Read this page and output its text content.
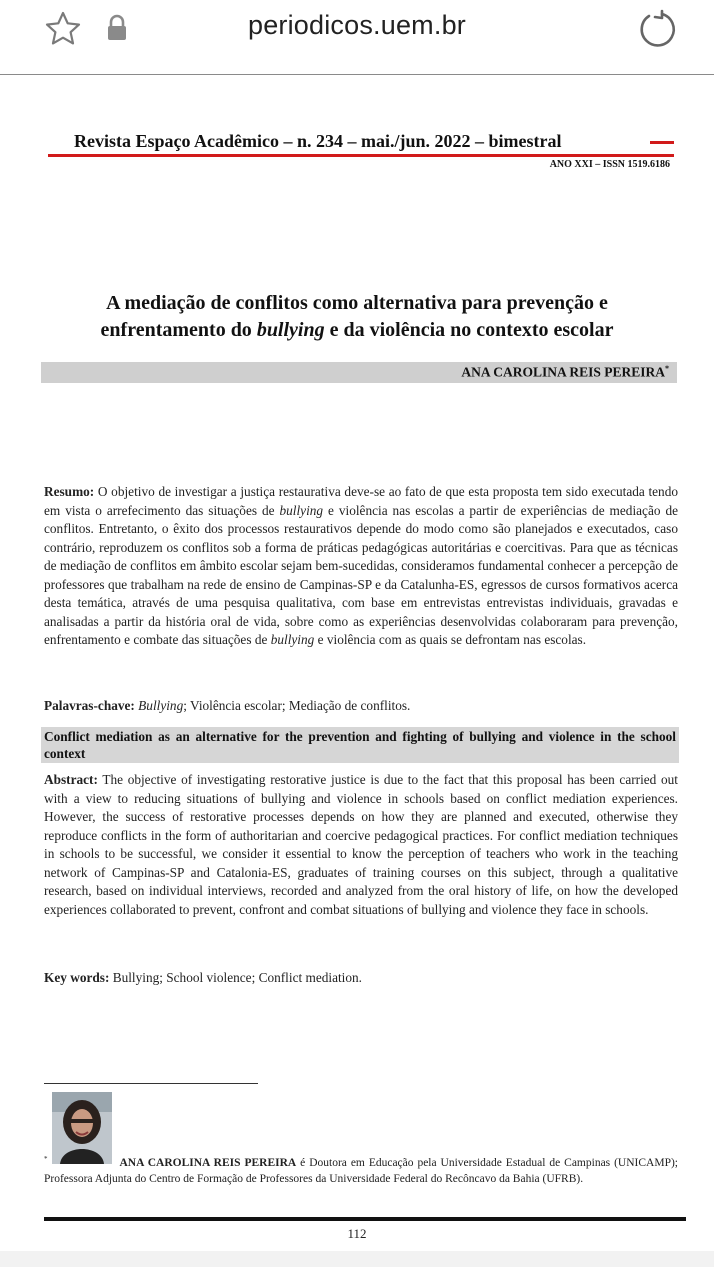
periodicos.uem.br
Revista Espaço Acadêmico – n. 234 – mai./jun. 2022 – bimestral
ANO XXI – ISSN 1519.6186
A mediação de conflitos como alternativa para prevenção e
enfrentamento do bullying e da violência no contexto escolar
ANA CAROLINA REIS PEREIRA*
Resumo: O objetivo de investigar a justiça restaurativa deve-se ao fato de que esta proposta tem sido executada tendo em vista o arrefecimento das situações de bullying e violência nas escolas a partir de experiências de mediação de conflitos. Entretanto, o êxito dos processos restaurativos depende do modo como são planejados e executados, caso contrário, reproduzem os conflitos sob a forma de práticas pedagógicas autoritárias e coercitivas. Para que as técnicas de mediação de conflitos em âmbito escolar sejam bem-sucedidas, consideramos fundamental conhecer a percepção de professores que trabalham na rede de ensino de Campinas-SP e da Catalunha-ES, egressos de cursos formativos acerca desta temática, através de uma pesquisa qualitativa, com base em entrevistas entrevistas individuais, gravadas e analisadas a partir da história oral de vida, sobre como as experiências desenvolvidas colaboraram para prevenção, enfrentamento e combate das situações de bullying e violência com as quais se defrontam nas escolas.
Palavras-chave: Bullying; Violência escolar; Mediação de conflitos.
Conflict mediation as an alternative for the prevention and fighting of bullying and violence in the school context
Abstract: The objective of investigating restorative justice is due to the fact that this proposal has been carried out with a view to reducing situations of bullying and violence in schools based on conflict mediation experiences. However, the success of restorative processes depends on how they are planned and executed, otherwise they reproduce conflicts in the form of authoritarian and coercive pedagogical practices. For conflict mediation techniques in schools to be successful, we consider it essential to know the perception of teachers who work in the teaching network of Campinas-SP and Catalonia-ES, graduates of training courses on this subject, through a qualitative research, based on individual interviews, recorded and analyzed from the oral history of life, on how the developed experiences collaborated to prevent, confront and combat situations of bullying and violence they face in schools.
Key words: Bullying; School violence; Conflict mediation.
*	ANA CAROLINA REIS PEREIRA é Doutora em Educação pela Universidade Estadual de Campinas (UNICAMP); Professora Adjunta do Centro de Formação de Professores da Universidade Federal do Recôncavo da Bahia (UFRB).
112
